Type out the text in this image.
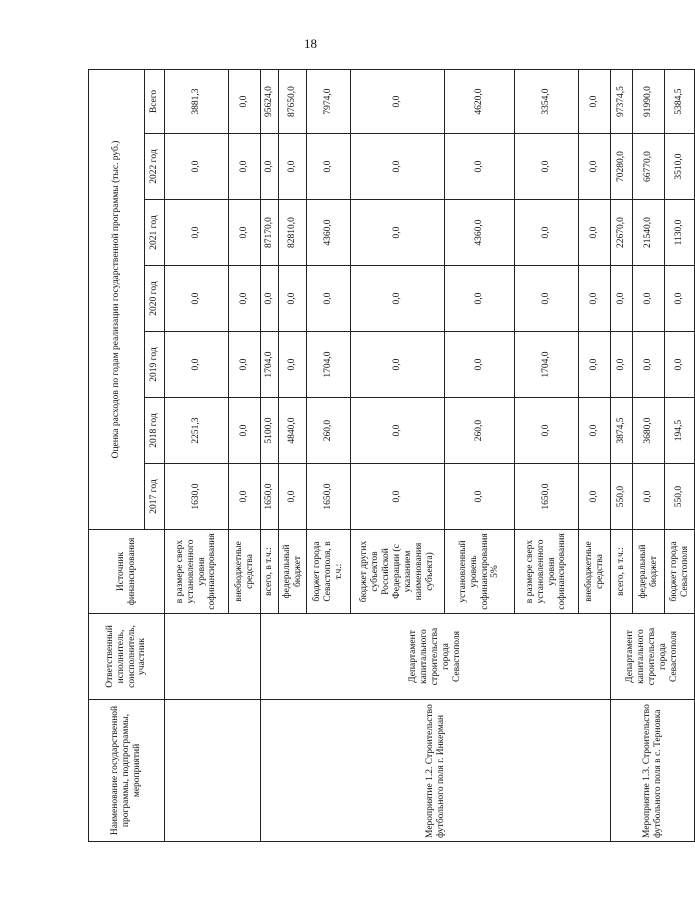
18
Наименование государственной программы, подпрограммы, мероприятий	Ответственный исполнитель, соисполнитель, участник	Источник финансирования	Оценка расходов по годам реализации государственной программы (тыс. руб.)						
			2017 год	2018 год	2019 год	2020 год	2021 год	2022 год	Всего
		в размере сверх установленного уровня софинансирования	1630,0	2251,3	0,0	0,0	0,0	0,0	3881,3
		внебюджетные средства	0,0	0,0	0,0	0,0	0,0	0,0	0,0
Мероприятие 1.2. Строительство футбольного поля г. Инкерман	Департамент капитального строительства города Севастополя	всего, в т.ч.:	1650,0	5100,0	1704,0	0,0	87170,0	0,0	95624,0
		федеральный бюджет	0,0	4840,0	0,0	0,0	82810,0	0,0	87650,0
		бюджет города Севастополя, в т.ч.:	1650,0	260,0	1704,0	0,0	4360,0	0,0	7974,0
		бюджет других субъектов Российской Федерации (с указанием наименования субъекта)	0,0	0,0	0,0	0,0	0,0	0,0	0,0
		установленный уровень софинансирования 5%	0,0	260,0	0,0	0,0	4360,0	0,0	4620,0
		в размере сверх установленного уровня софинансирования	1650,0	0,0	1704,0	0,0	0,0	0,0	3354,0
		внебюджетные средства	0,0	0,0	0,0	0,0	0,0	0,0	0,0
Мероприятие 1.3. Строительство футбольного поля в с. Терновка	Департамент капитального строительства города Севастополя	всего, в т.ч.:	550,0	3874,5	0,0	0,0	22670,0	70280,0	97374,5
		федеральный бюджет	0,0	3680,0	0,0	0,0	21540,0	66770,0	91990,0
		бюджет города Севастополя	550,0	194,5	0,0	0,0	1130,0	3510,0	5384,5
